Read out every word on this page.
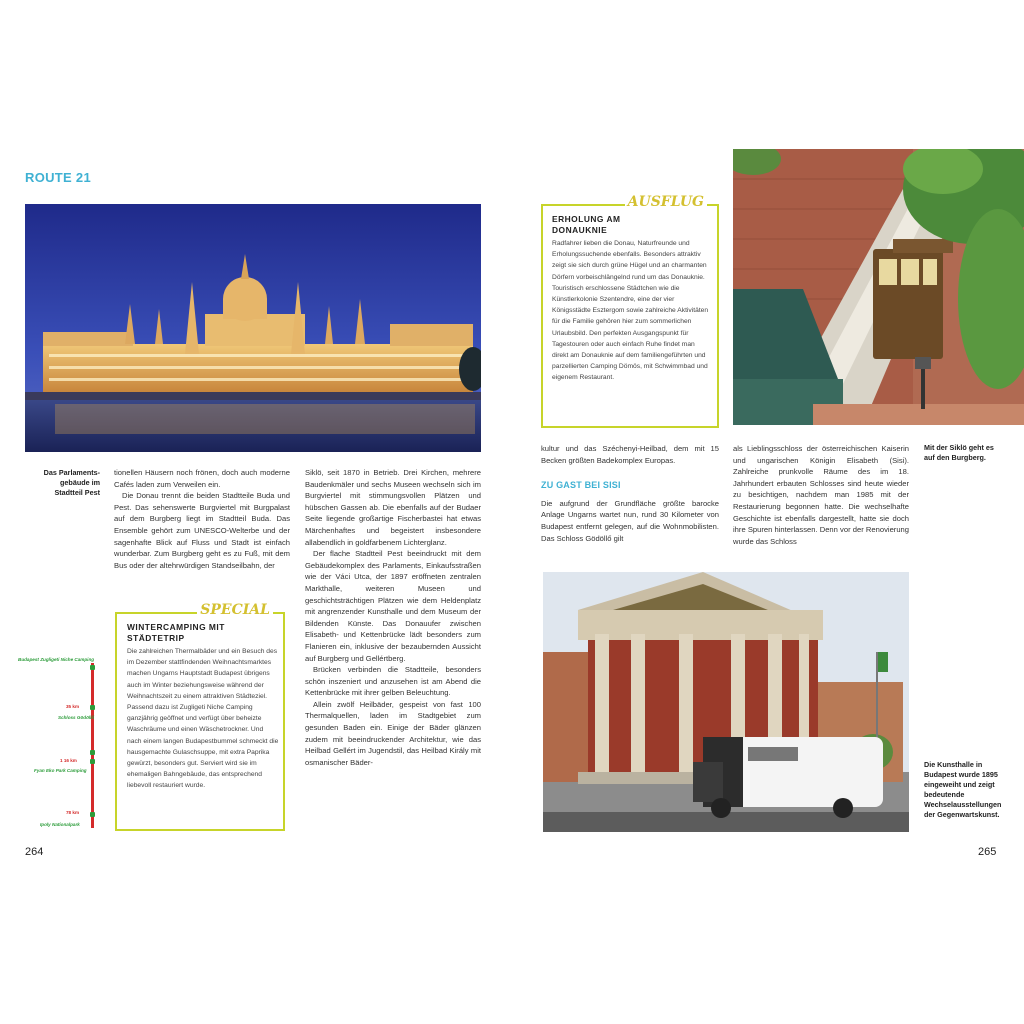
ROUTE 21
Das Parlaments-gebäude im Stadtteil Pest

tionellen Häusern noch frönen, doch auch moderne Cafés laden zum Verweilen ein.

Die Donau trennt die beiden Stadtteile Buda und Pest. Das sehenswerte Burgviertel mit Burgpalast auf dem Burgberg liegt im Stadtteil Buda. Das Ensemble gehört zum UNESCO-Welterbe und der sagenhafte Blick auf Fluss und Stadt ist einfach wunderbar. Zum Burgberg geht es zu Fuß, mit dem Bus oder der altehrwürdigen Standseilbahn, der

SPECIAL
WINTERCAMPING MIT STÄDTETRIP
Die zahlreichen Thermalbäder und ein Besuch des im Dezember stattfindenden Weihnachtsmarktes machen Ungarns Hauptstadt Budapest übrigens auch im Winter beziehungsweise während der Weihnachtszeit zu einem attraktiven Städteziel. Passend dazu ist Zugligeti Niche Camping ganzjährig geöffnet und verfügt über beheizte Waschräume und einen Wäschetrockner. Und nach einem langen Budapestbummel schmeckt die hausgemachte Gulaschsuppe, mit extra Paprika gewürzt, besonders gut. Serviert wird sie im ehemaligen Bahngebäude, das entsprechend liebevoll restauriert wurde.
Budapest Zugligeti Niche Camping
35 km
Schloss Gödöllő
1 16 km
Fyan Eko Park Camping
78 km
Ipoly Nationalpark

Siklö, seit 1870 in Betrieb. Drei Kirchen, mehrere Baudenkmäler und sechs Museen wechseln sich im Burgviertel mit stimmungsvollen Plätzen und hübschen Gassen ab. Die ebenfalls auf der Budaer Seite liegende großartige Fischerbastei hat etwas Märchenhaftes und begeistert insbesondere allabendlich in goldfarbenem Lichterglanz.

Der flache Stadtteil Pest beeindruckt mit dem Gebäudekomplex des Parlaments, Einkaufsstraßen wie der Váci Utca, der 1897 eröffneten zentralen Markthalle, weiteren Museen und geschichtsträchtigen Plätzen wie dem Heldenplatz mit angrenzender Kunsthalle und dem Museum der Bildenden Künste. Das Donauufer zwischen Elisabeth- und Kettenbrücke lädt besonders zum Flanieren ein, inklusive der bezaubernden Aussicht auf Burgberg und Gellértberg.

Brücken verbinden die Stadtteile, besonders schön inszeniert und anzusehen ist am Abend die Kettenbrücke mit ihrer gelben Beleuchtung.

Allein zwölf Heilbäder, gespeist von fast 100 Thermalquellen, laden im Stadtgebiet zum gesunden Baden ein. Einige der Bäder glänzen zudem mit beeindruckender Architektur, wie das Heilbad Gellért im Jugendstil, das Heilbad Király mit osmanischer Bäder-

264
AUSFLUG
ERHOLUNG AM DONAUKNIE
Radfahrer lieben die Donau, Naturfreunde und Erholungssuchende ebenfalls. Besonders attraktiv zeigt sie sich durch grüne Hügel und an charmanten Dörfern vorbeischlängelnd rund um das Donauknie. Touristisch erschlossene Städtchen wie die Künstlerkolonie Szentendre, eine der vier Königsstädte Esztergom sowie zahlreiche Aktivitäten für die Familie gehören hier zum sommerlichen Urlaubsbild. Den perfekten Ausgangspunkt für Tagestouren oder auch einfach Ruhe findet man direkt am Donauknie auf dem familiengeführten und parzellierten Camping Dömös, mit Schwimmbad und eigenem Restaurant.
Mit der Siklö geht es auf den Burgberg.

kultur und das Széchenyi-Heilbad, dem mit 15 Becken größten Badekomplex Europas.

ZU GAST BEI SISI

Die aufgrund der Grundfläche größte barocke Anlage Ungarns wartet nun, rund 30 Kilometer von Budapest entfernt gelegen, auf die Wohnmobilisten. Das Schloss Gödöllő gilt

als Lieblingsschloss der österreichischen Kaiserin und ungarischen Königin Elisabeth (Sisi). Zahlreiche prunkvolle Räume des im 18. Jahrhundert erbauten Schlosses sind heute wieder zu besichtigen, nachdem man 1985 mit der Restaurierung begonnen hatte. Die wechselhafte Geschichte ist ebenfalls dargestellt, hatte sie doch ihre Spuren hinterlassen. Denn vor der Renovierung wurde das Schloss

Die Kunsthalle in Budapest wurde 1895 eingeweiht und zeigt bedeutende Wechselausstellungen der Gegenwartskunst.
265
